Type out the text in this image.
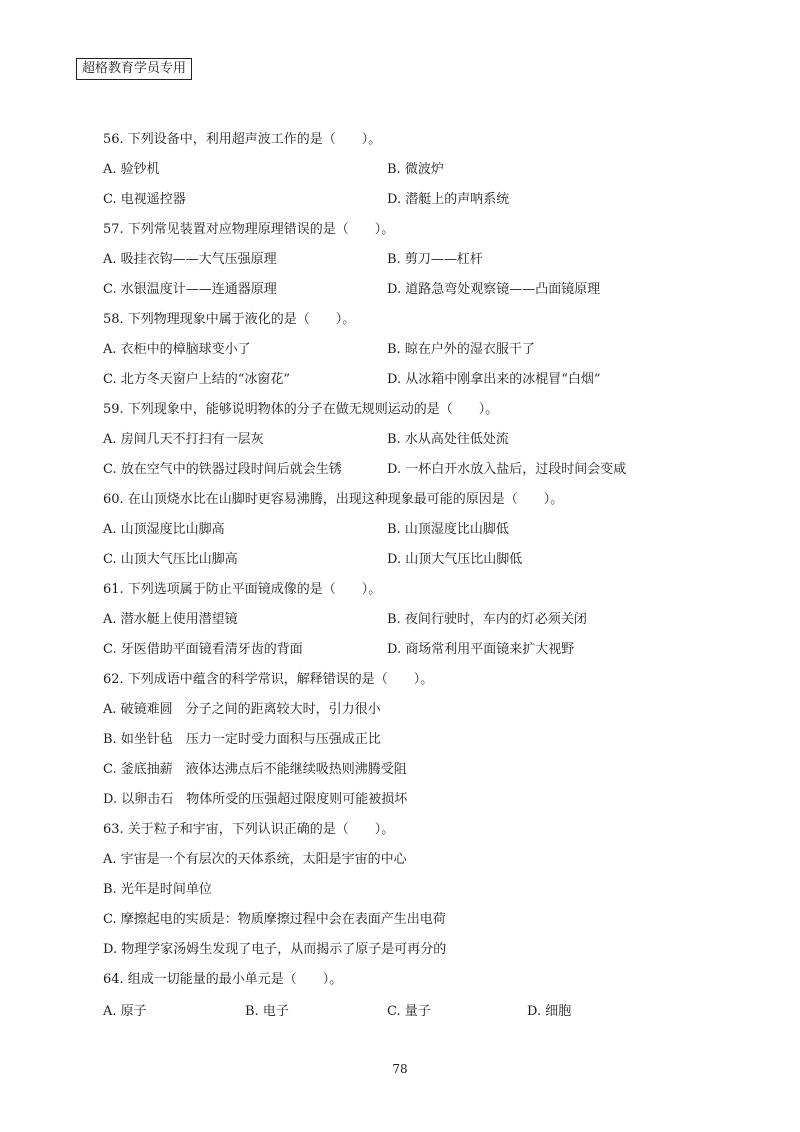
超格教育学员专用
56. 下列设备中，利用超声波工作的是（　　）。
A. 验钞机	B. 微波炉
C. 电视遥控器	D. 潜艇上的声呐系统
57. 下列常见装置对应物理原理错误的是（　　）。
A. 吸挂衣钩——大气压强原理	B. 剪刀——杠杆
C. 水银温度计——连通器原理	D. 道路急弯处观察镜——凸面镜原理
58. 下列物理现象中属于液化的是（　　）。
A. 衣柜中的樟脑球变小了	B. 晾在户外的湿衣服干了
C. 北方冬天窗户上结的“冰窗花”	D. 从冰箱中刚拿出来的冰棍冒“白烟”
59. 下列现象中，能够说明物体的分子在做无规则运动的是（　　）。
A. 房间几天不打扫有一层灰	B. 水从高处往低处流
C. 放在空气中的铁器过段时间后就会生锈	D. 一杯白开水放入盐后，过段时间会变咸
60. 在山顶烧水比在山脚时更容易沸腾，出现这种现象最可能的原因是（　　）。
A. 山顶湿度比山脚高	B. 山顶湿度比山脚低
C. 山顶大气压比山脚高	D. 山顶大气压比山脚低
61. 下列选项属于防止平面镜成像的是（　　）。
A. 潜水艇上使用潜望镜	B. 夜间行驶时，车内的灯必须关闭
C. 牙医借助平面镜看清牙齿的背面	D. 商场常利用平面镜来扩大视野
62. 下列成语中蕴含的科学常识，解释错误的是（　　）。
A. 破镜难圆　分子之间的距离较大时，引力很小
B. 如坐针毡　压力一定时受力面积与压强成正比
C. 釜底抽薪　液体达沸点后不能继续吸热则沸腾受阻
D. 以卵击石　物体所受的压强超过限度则可能被损坏
63. 关于粒子和宇宙，下列认识正确的是（　　）。
A. 宇宙是一个有层次的天体系统，太阳是宇宙的中心
B. 光年是时间单位
C. 摩擦起电的实质是：物质摩擦过程中会在表面产生出电荷
D. 物理学家汤姆生发现了电子，从而揭示了原子是可再分的
64. 组成一切能量的最小单元是（　　）。
A. 原子	B. 电子	C. 量子	D. 细胞
78
